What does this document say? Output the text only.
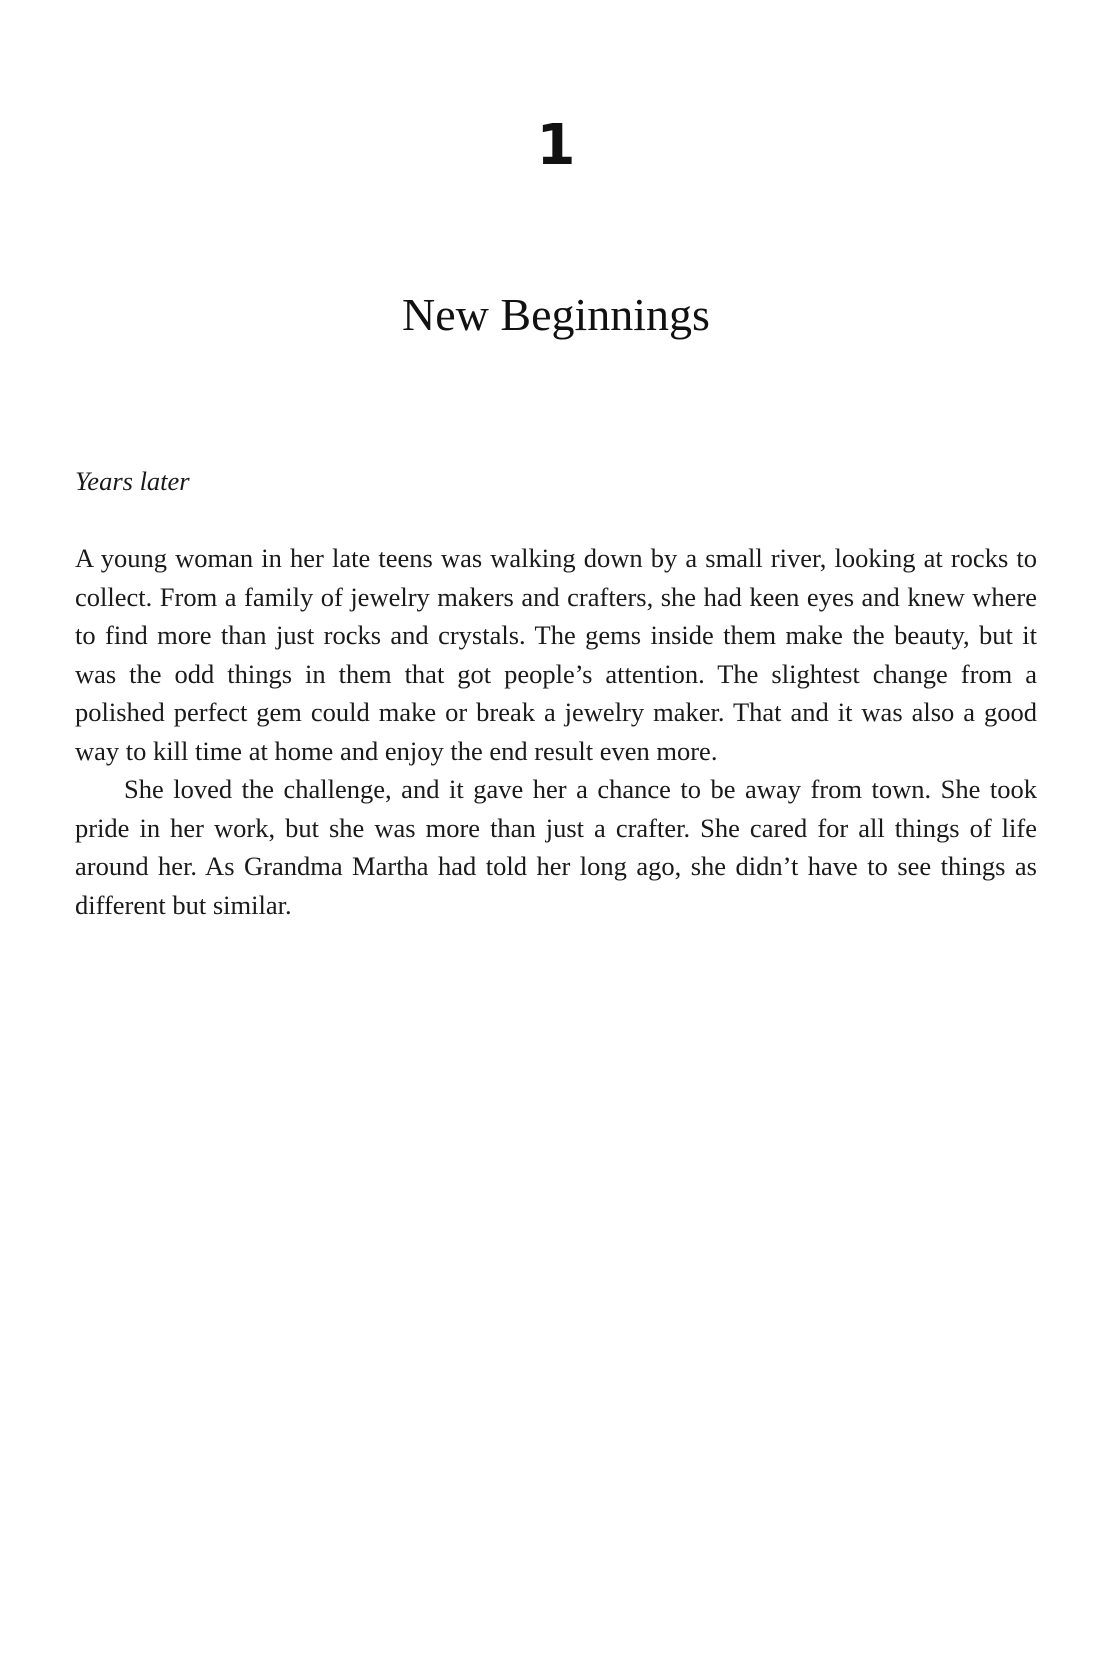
1
New Beginnings
Years later

A young woman in her late teens was walking down by a small river, looking at rocks to collect. From a family of jewelry makers and crafters, she had keen eyes and knew where to find more than just rocks and crystals. The gems inside them make the beauty, but it was the odd things in them that got people’s attention. The slightest change from a polished perfect gem could make or break a jewelry maker. That and it was also a good way to kill time at home and enjoy the end result even more.

She loved the challenge, and it gave her a chance to be away from town. She took pride in her work, but she was more than just a crafter. She cared for all things of life around her. As Grandma Martha had told her long ago, she didn’t have to see things as different but similar.
